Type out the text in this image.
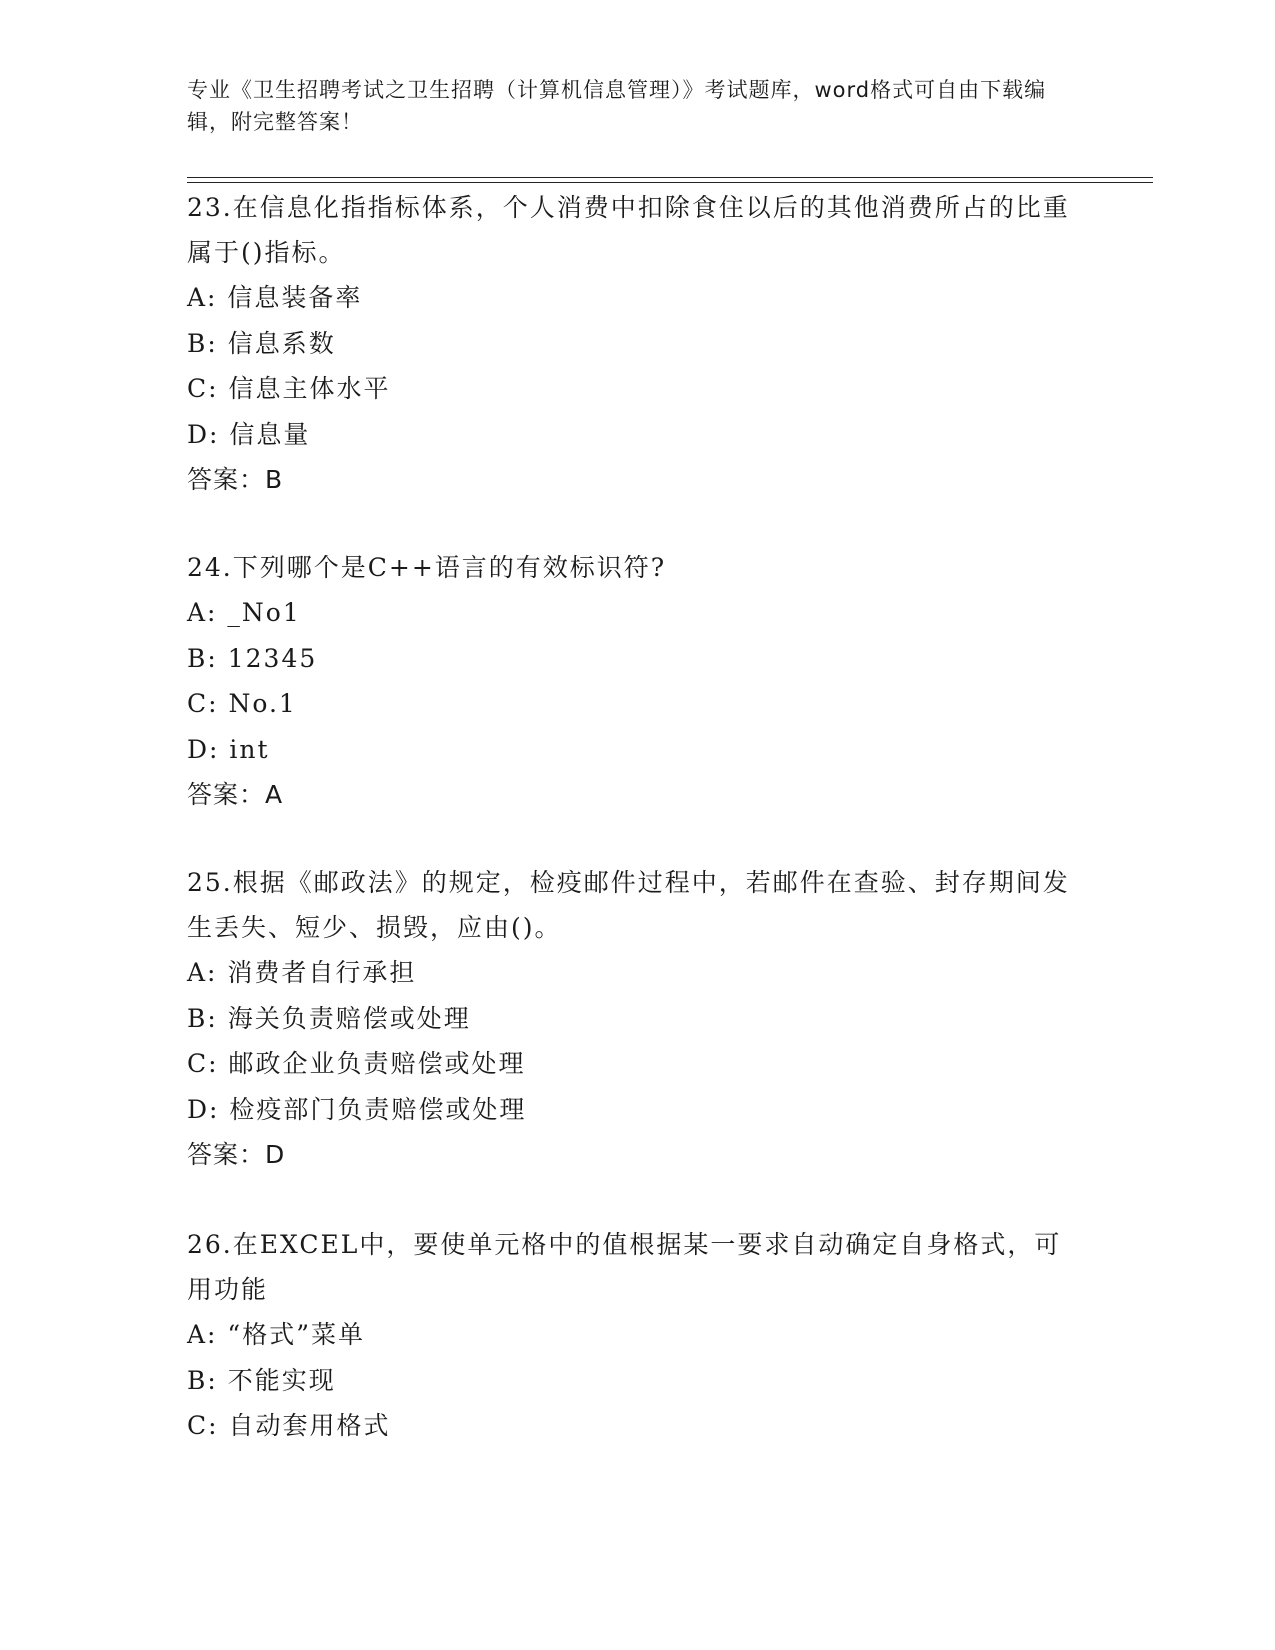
专业《卫生招聘考试之卫生招聘（计算机信息管理）》考试题库，word格式可自由下载编辑，附完整答案！

23.在信息化指指标体系，个人消费中扣除食住以后的其他消费所占的比重属于()指标。

A: 信息装备率

B: 信息系数

C: 信息主体水平

D: 信息量

答案：B

24.下列哪个是C++语言的有效标识符?

A: _No1

B: 12345

C: No.1

D: int

答案：A

25.根据《邮政法》的规定，检疫邮件过程中，若邮件在查验、封存期间发生丢失、短少、损毁，应由()。

A: 消费者自行承担

B: 海关负责赔偿或处理

C: 邮政企业负责赔偿或处理

D: 检疫部门负责赔偿或处理

答案：D

26.在EXCEL中，要使单元格中的值根据某一要求自动确定自身格式，可用功能

A: “格式”菜单

B: 不能实现

C: 自动套用格式
